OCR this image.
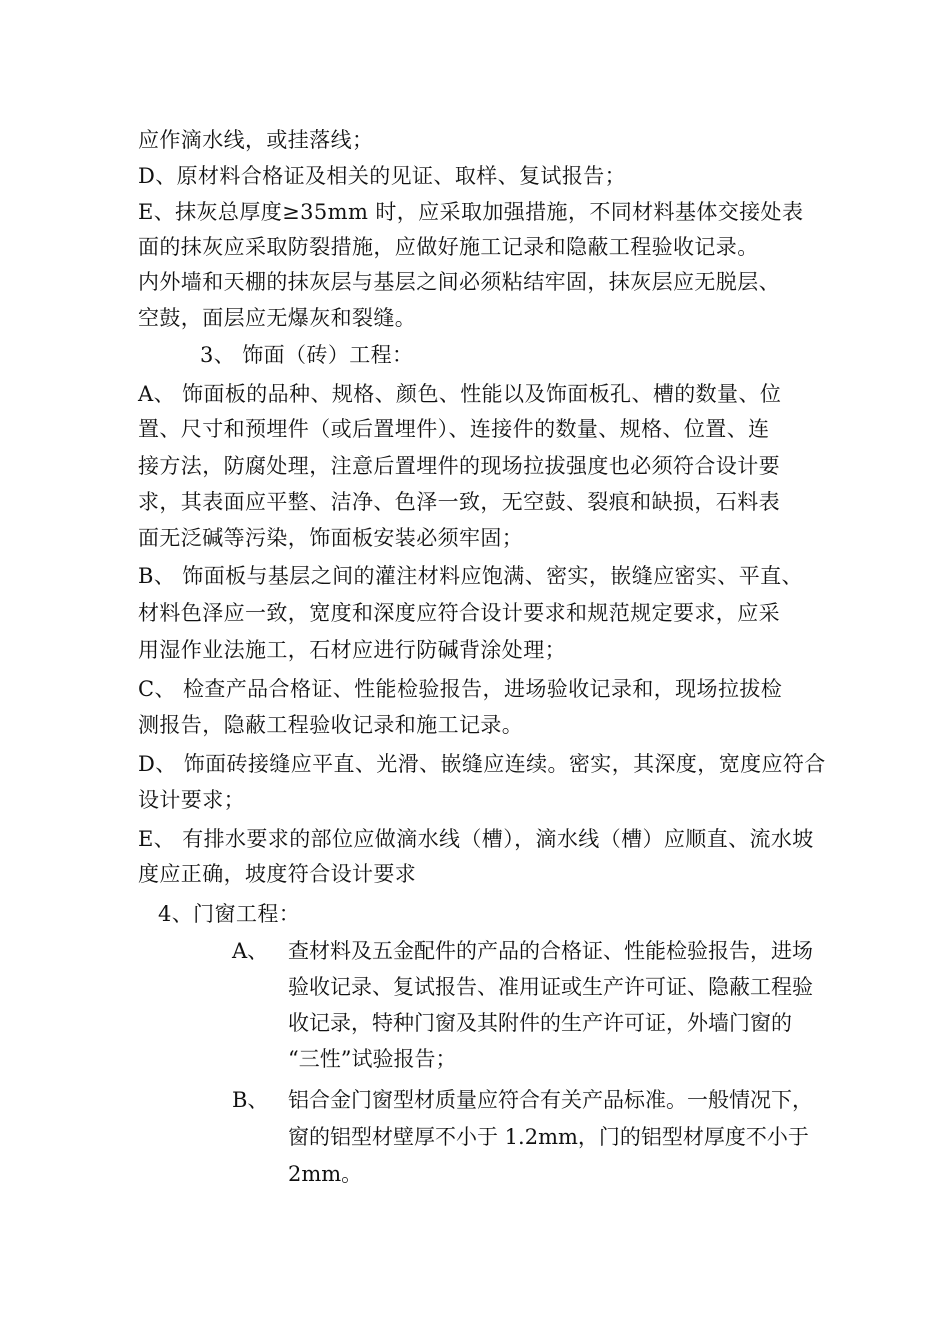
应作滴水线，或挂落线；
D、原材料合格证及相关的见证、取样、复试报告；
E、抹灰总厚度≥35mm 时，应采取加强措施，不同材料基体交接处表
面的抹灰应采取防裂措施，应做好施工记录和隐蔽工程验收记录。
内外墙和天棚的抹灰层与基层之间必须粘结牢固，抹灰层应无脱层、
空鼓，面层应无爆灰和裂缝。
3、 饰面（砖）工程：
A、 饰面板的品种、规格、颜色、性能以及饰面板孔、槽的数量、位
置、尺寸和预埋件（或后置埋件）、连接件的数量、规格、位置、连
接方法，防腐处理，注意后置埋件的现场拉拔强度也必须符合设计要
求，其表面应平整、洁净、色泽一致，无空鼓、裂痕和缺损，石料表
面无泛碱等污染，饰面板安装必须牢固；
B、 饰面板与基层之间的灌注材料应饱满、密实，嵌缝应密实、平直、
材料色泽应一致，宽度和深度应符合设计要求和规范规定要求，应采
用湿作业法施工，石材应进行防碱背涂处理；
C、 检查产品合格证、性能检验报告，进场验收记录和，现场拉拔检
测报告，隐蔽工程验收记录和施工记录。
D、 饰面砖接缝应平直、光滑、嵌缝应连续。密实，其深度，宽度应符合
设计要求；
E、 有排水要求的部位应做滴水线（槽），滴水线（槽）应顺直、流水坡
度应正确，坡度符合设计要求
4、门窗工程：
A、 查材料及五金配件的产品的合格证、性能检验报告，进场
验收记录、复试报告、准用证或生产许可证、隐蔽工程验
收记录，特种门窗及其附件的生产许可证，外墙门窗的
“三性”试验报告；
B、 铝合金门窗型材质量应符合有关产品标准。一般情况下，
窗的铝型材壁厚不小于 1.2mm，门的铝型材厚度不小于
2mm。
